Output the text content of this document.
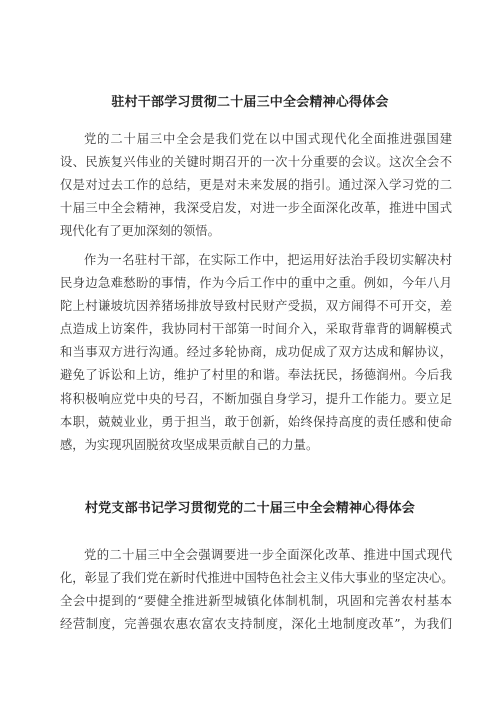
驻村干部学习贯彻二十届三中全会精神心得体会
党的二十届三中全会是我们党在以中国式现代化全面推进强国建
设、民族复兴伟业的关键时期召开的一次十分重要的会议。这次全会不
仅是对过去工作的总结，更是对未来发展的指引。通过深入学习党的二
十届三中全会精神，我深受启发，对进一步全面深化改革，推进中国式
现代化有了更加深刻的领悟。
作为一名驻村干部，在实际工作中，把运用好法治手段切实解决村
民身边急难愁盼的事情，作为今后工作中的重中之重。例如，今年八月
陀上村谦坡坑因养猪场排放导致村民财产受损，双方闹得不可开交，差
点造成上访案件，我协同村干部第一时间介入，采取背靠背的调解模式
和当事双方进行沟通。经过多轮协商，成功促成了双方达成和解协议，
避免了诉讼和上访，维护了村里的和谐。奉法抚民，扬德润州。今后我
将积极响应党中央的号召，不断加强自身学习，提升工作能力。要立足
本职，兢兢业业，勇于担当，敢于创新，始终保持高度的责任感和使命
感，为实现巩固脱贫攻坚成果贡献自己的力量。
村党支部书记学习贯彻党的二十届三中全会精神心得体会
党的二十届三中全会强调要进一步全面深化改革、推进中国式现代
化，彰显了我们党在新时代推进中国特色社会主义伟大事业的坚定决心。
全会中提到的“要健全推进新型城镇化体制机制，巩固和完善农村基本
经营制度，完善强农惠农富农支持制度，深化土地制度改革”，为我们
